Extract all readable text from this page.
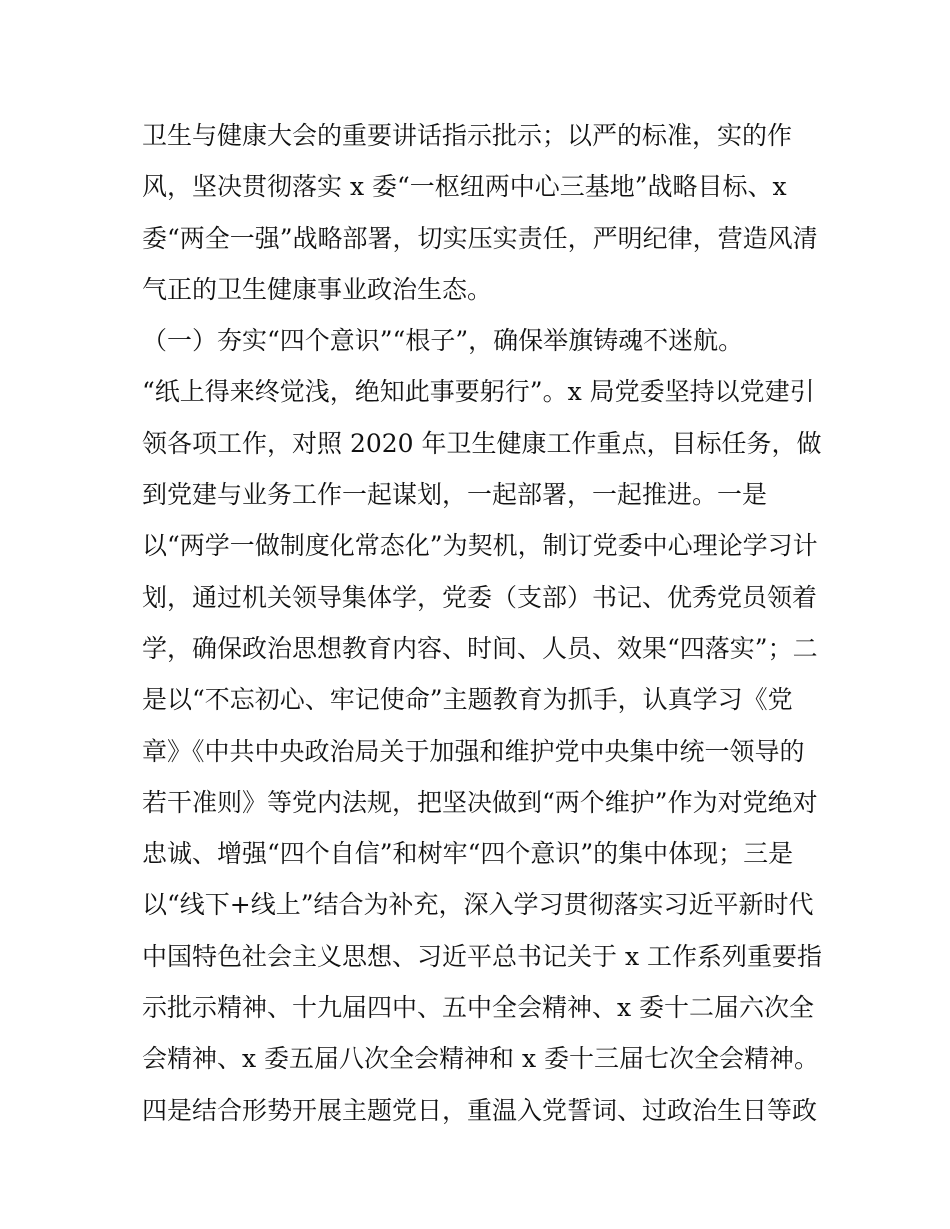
卫生与健康大会的重要讲话指示批示；以严的标准，实的作
风，坚决贯彻落实 x 委“一枢纽两中心三基地”战略目标、x
委“两全一强”战略部署，切实压实责任，严明纪律，营造风清
气正的卫生健康事业政治生态。
（一）夯实“四个意识”“根子”，确保举旗铸魂不迷航。
“纸上得来终觉浅，绝知此事要躬行”。x 局党委坚持以党建引
领各项工作，对照 2020 年卫生健康工作重点，目标任务，做
到党建与业务工作一起谋划，一起部署，一起推进。一是
以“两学一做制度化常态化”为契机，制订党委中心理论学习计
划，通过机关领导集体学，党委（支部）书记、优秀党员领着
学，确保政治思想教育内容、时间、人员、效果“四落实”；二
是以“不忘初心、牢记使命”主题教育为抓手，认真学习《党
章》《中共中央政治局关于加强和维护党中央集中统一领导的
若干准则》等党内法规，把坚决做到“两个维护”作为对党绝对
忠诚、增强“四个自信”和树牢“四个意识”的集中体现；三是
以“线下+线上”结合为补充，深入学习贯彻落实习近平新时代
中国特色社会主义思想、习近平总书记关于 x 工作系列重要指
示批示精神、十九届四中、五中全会精神、x 委十二届六次全
会精神、x 委五届八次全会精神和 x 委十三届七次全会精神。
四是结合形势开展主题党日，重温入党誓词、过政治生日等政
